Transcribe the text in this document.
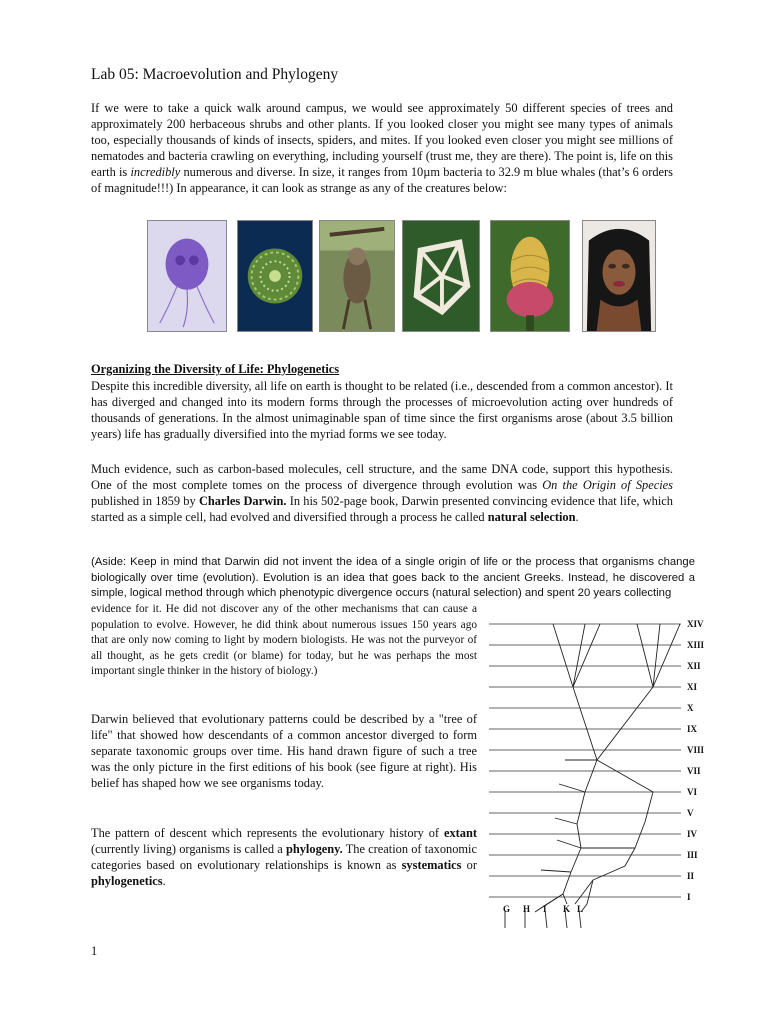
Lab 05: Macroevolution and Phylogeny

If we were to take a quick walk around campus, we would see approximately 50 different species of trees and approximately 200 herbaceous shrubs and other plants. If you looked closer you might see many types of animals too, especially thousands of kinds of insects, spiders, and mites. If you looked even closer you might see millions of nematodes and bacteria crawling on everything, including yourself (trust me, they are there). The point is, life on this earth is incredibly numerous and diverse. In size, it ranges from 10µm bacteria to 32.9 m blue whales (that’s 6 orders of magnitude!!!) In appearance, it can look as strange as any of the creatures below:

Organizing the Diversity of Life: Phylogenetics

Despite this incredible diversity, all life on earth is thought to be related (i.e., descended from a common ancestor). It has diverged and changed into its modern forms through the processes of microevolution acting over hundreds of thousands of generations. In the almost unimaginable span of time since the first organisms arose (about 3.5 billion years) life has gradually diversified into the myriad forms we see today.

Much evidence, such as carbon-based molecules, cell structure, and the same DNA code, support this hypothesis. One of the most complete tomes on the process of divergence through evolution was On the Origin of Species published in 1859 by Charles Darwin. In his 502-page book, Darwin presented convincing evidence that life, which started as a simple cell, had evolved and diversified through a process he called natural selection.

(Aside: Keep in mind that Darwin did not invent the idea of a single origin of life or the process that organisms change biologically over time (evolution). Evolution is an idea that goes back to the ancient Greeks. Instead, he discovered a simple, logical method through which phenotypic divergence occurs (natural selection) and spent 20 years collecting

evidence for it. He did not discover any of the other mechanisms that can cause a population to evolve. However, he did think about numerous issues 150 years ago that are only now coming to light by modern biologists. He was not the purveyor of all thought, as he gets credit (or blame) for today, but he was perhaps the most important single thinker in the history of biology.)

Darwin believed that evolutionary patterns could be described by a "tree of life" that showed how descendants of a common ancestor diverged to form separate taxonomic groups over time. His hand drawn figure of such a tree was the only picture in the first editions of his book (see figure at right). His belief has shaped how we see organisms today.

The pattern of descent which represents the evolutionary history of extant (currently living) organisms is called a phylogeny. The creation of taxonomic categories based on evolutionary relationships is known as systematics or phylogenetics.

XIV
XIII
XII
XI
X
IX
VIII
VII
VI
V
IV
III
II
I
G H I K L
1
